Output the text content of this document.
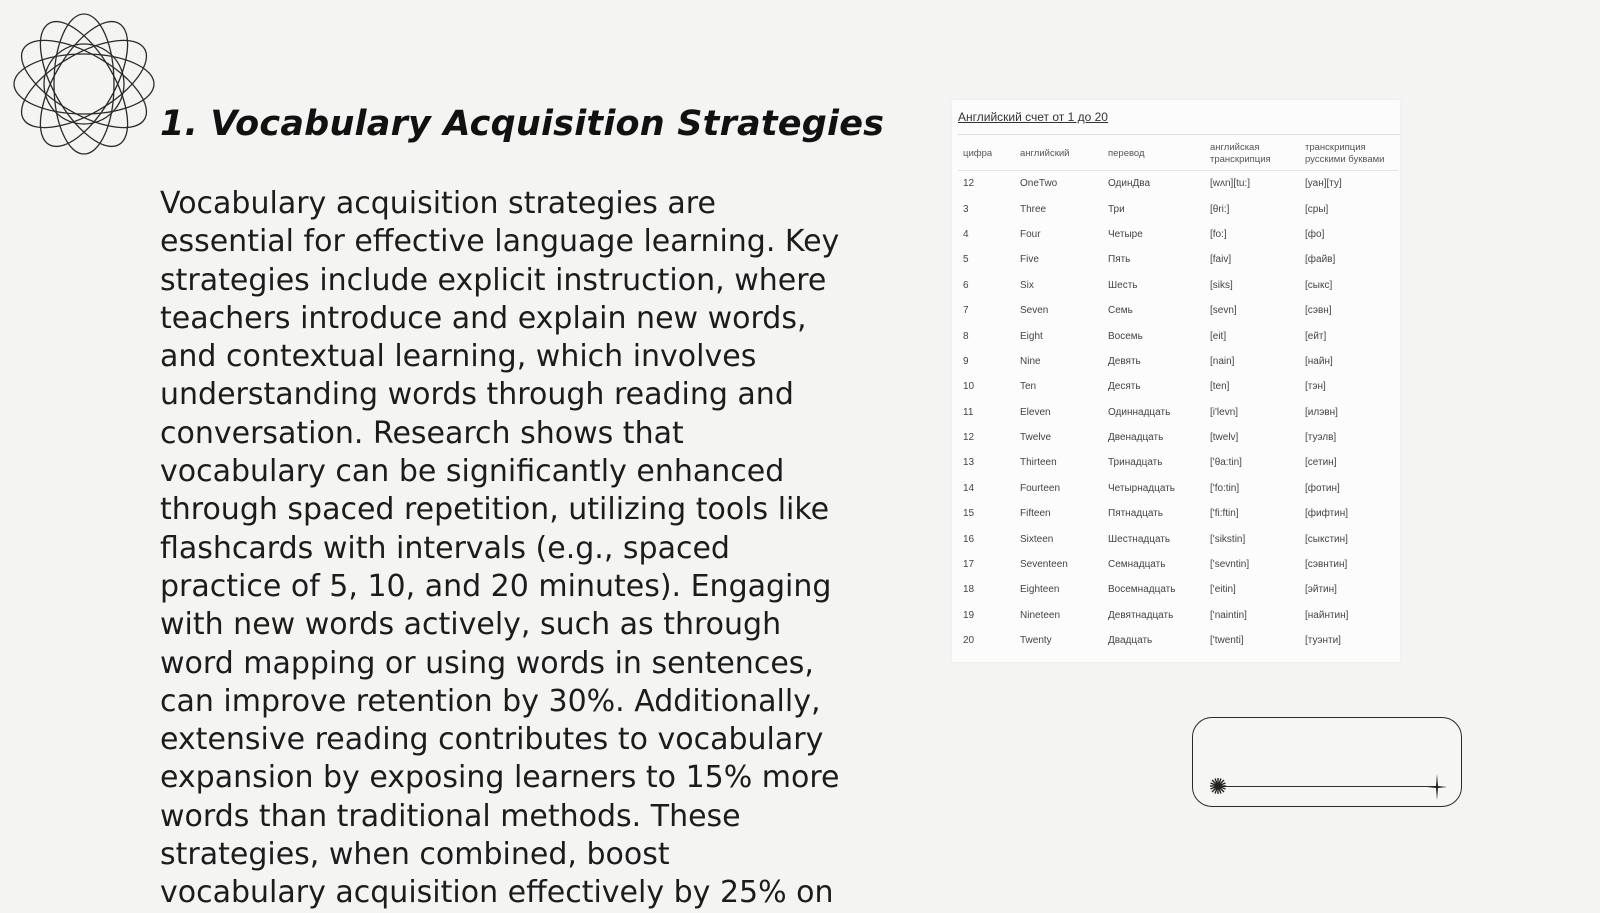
1. Vocabulary Acquisition Strategies

Vocabulary acquisition strategies are essential for effective language learning. Key strategies include explicit instruction, where teachers introduce and explain new words, and contextual learning, which involves understanding words through reading and conversation. Research shows that vocabulary can be significantly enhanced through spaced repetition, utilizing tools like flashcards with intervals (e.g., spaced practice of 5, 10, and 20 minutes). Engaging with new words actively, such as through word mapping or using words in sentences, can improve retention by 30%. Additionally, extensive reading contributes to vocabulary expansion by exposing learners to 15% more words than traditional methods. These strategies, when combined, boost vocabulary acquisition effectively by 25% on

Английский счет от 1 до 20
цифра	английский	перевод	английская транскрипция	транскрипция русскими буквами
12	OneTwo	ОдинДва	[wʌn][tu:]	[уан][ту]
3	Three	Три	[θri:]	[сры]
4	Four	Четыре	[fo:]	[фо]
5	Five	Пять	[faiv]	[файв]
6	Six	Шесть	[siks]	[сыкс]
7	Seven	Семь	[sevn]	[сэвн]
8	Eight	Восемь	[eit]	[ейт]
9	Nine	Девять	[nain]	[найн]
10	Ten	Десять	[ten]	[тэн]
11	Eleven	Одиннадцать	[i'levn]	[илэвн]
12	Twelve	Двенадцать	[twelv]	[туэлв]
13	Thirteen	Тринадцать	['θa:tin]	[сетин]
14	Fourteen	Четырнадцать	['fo:tin]	[фотин]
15	Fifteen	Пятнадцать	['fi:ftin]	[фифтин]
16	Sixteen	Шестнадцать	['sikstin]	[сыкстин]
17	Seventeen	Семнадцать	['sevntin]	[сэвнтин]
18	Eighteen	Восемнадцать	['eitin]	[эйтин]
19	Nineteen	Девятнадцать	['naintin]	[найнтин]
20	Twenty	Двадцать	['twenti]	[туэнти]
